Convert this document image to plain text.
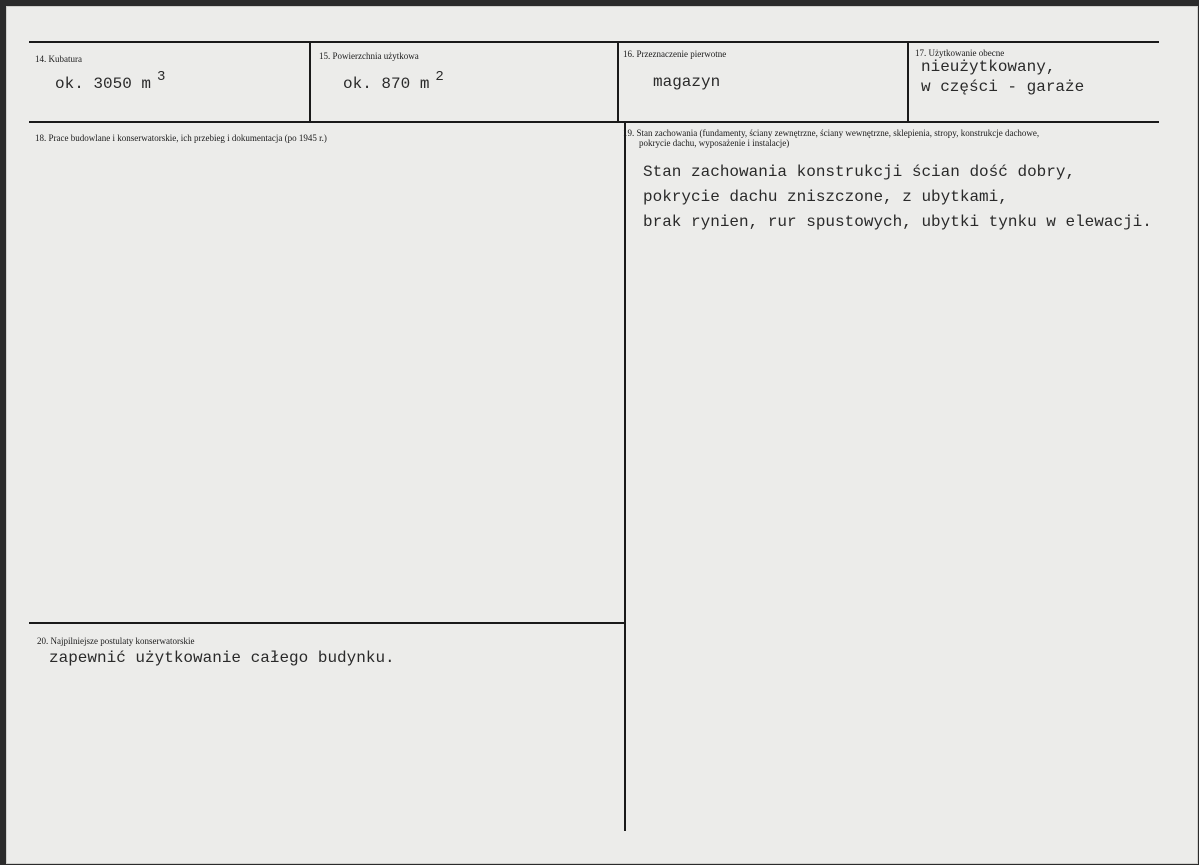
14. Kubatura
ok. 3050 m 3
15. Powierzchnia użytkowa
ok. 870 m 2
16. Przeznaczenie pierwotne
magazyn
17. Użytkowanie obecne
nieużytkowany,
w części - garaże
18. Prace budowlane i konserwatorskie, ich przebieg i dokumentacja (po 1945 r.)	19. Stan zachowania (fundamenty, ściany zewnętrzne, ściany wewnętrzne, sklepienia, stropy, konstrukcje dachowe,
pokrycie dachu, wyposażenie i instalacje)
Stan zachowania konstrukcji ścian dość dobry,
pokrycie dachu zniszczone, z ubytkami,
brak rynien, rur spustowych, ubytki tynku w elewacji.
20. Najpilniejsze postulaty konserwatorskie
zapewnić użytkowanie całego budynku.
